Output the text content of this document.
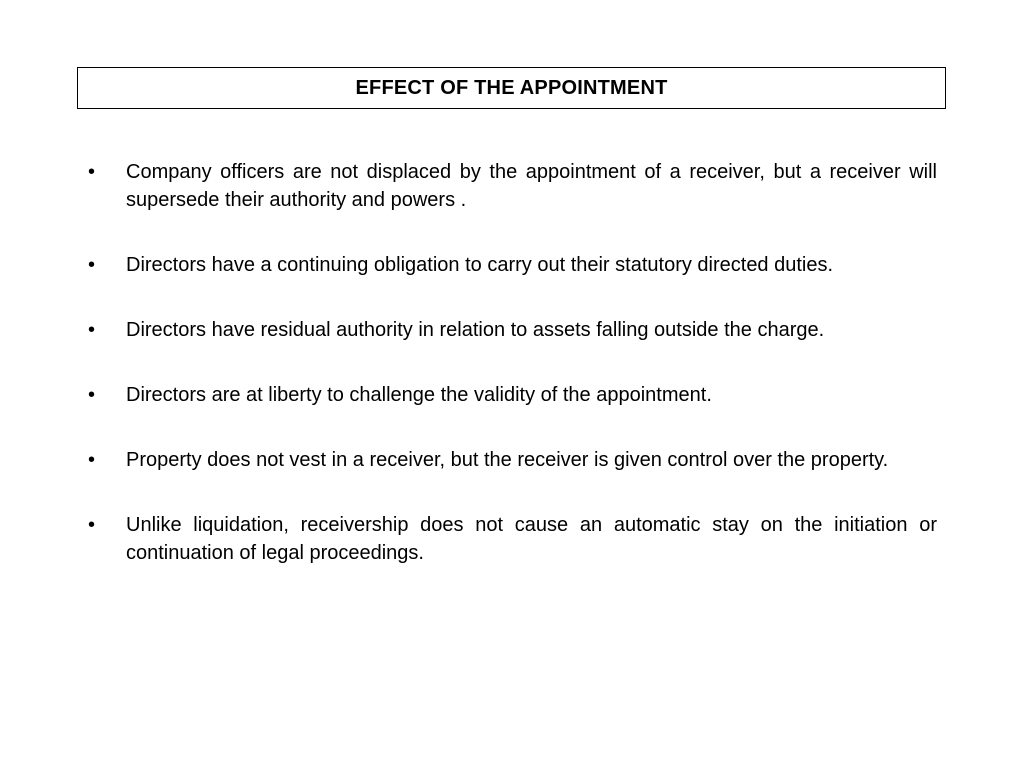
EFFECT OF THE APPOINTMENT
•	Company officers are not displaced by the appointment of a receiver, but a receiver will supersede their authority and powers .
•	Directors have a continuing obligation to carry out their statutory directed duties.
•	Directors have residual authority in relation to assets falling outside the charge.
•	Directors are at liberty to challenge the validity of the appointment.
•	Property does not vest in a receiver, but the receiver is given control over the property.
•	Unlike liquidation, receivership does not cause an automatic stay on the initiation or continuation of legal proceedings.
